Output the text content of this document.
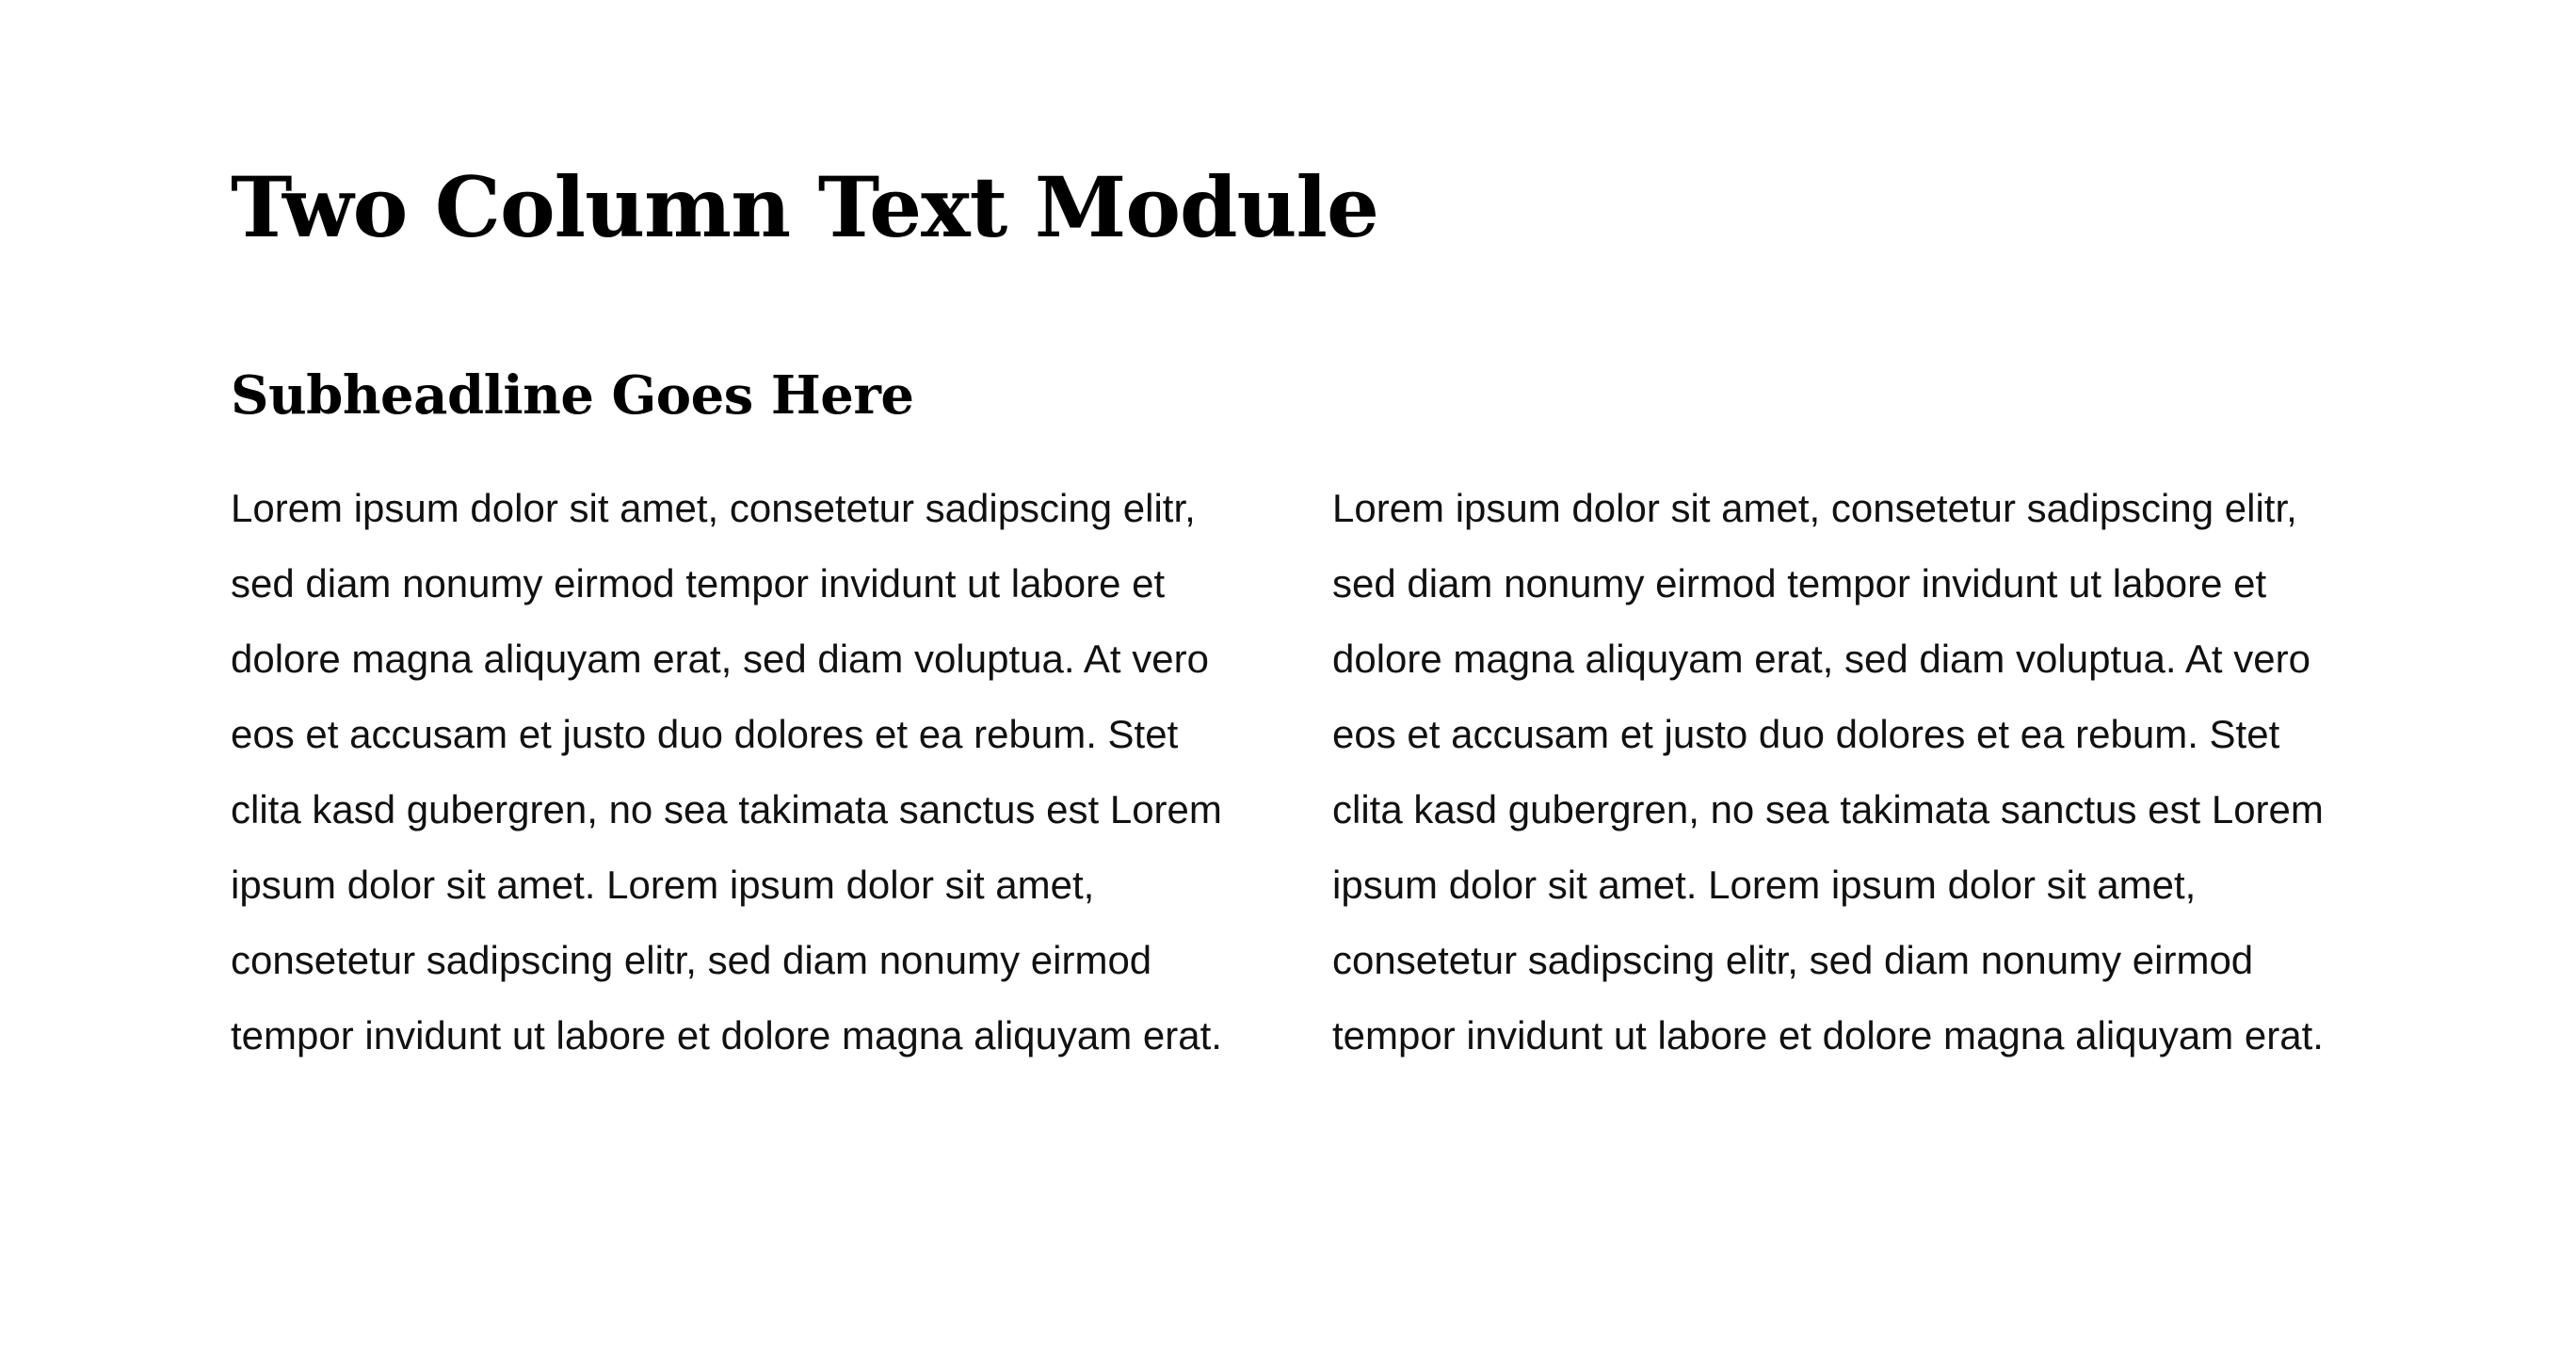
Two Column Text Module
Subheadline Goes Here

Lorem ipsum dolor sit amet, consetetur sadipscing elitr, sed diam nonumy eirmod tempor invidunt ut labore et dolore magna aliquyam erat, sed diam voluptua. At vero eos et accusam et justo duo dolores et ea rebum. Stet clita kasd gubergren, no sea takimata sanctus est Lorem ipsum dolor sit amet. Lorem ipsum dolor sit amet, consetetur sadipscing elitr, sed diam nonumy eirmod tempor invidunt ut labore et dolore magna aliquyam erat.

Lorem ipsum dolor sit amet, consetetur sadipscing elitr, sed diam nonumy eirmod tempor invidunt ut labore et dolore magna aliquyam erat, sed diam voluptua. At vero eos et accusam et justo duo dolores et ea rebum. Stet clita kasd gubergren, no sea takimata sanctus est Lorem ipsum dolor sit amet. Lorem ipsum dolor sit amet, consetetur sadipscing elitr, sed diam nonumy eirmod tempor invidunt ut labore et dolore magna aliquyam erat.
